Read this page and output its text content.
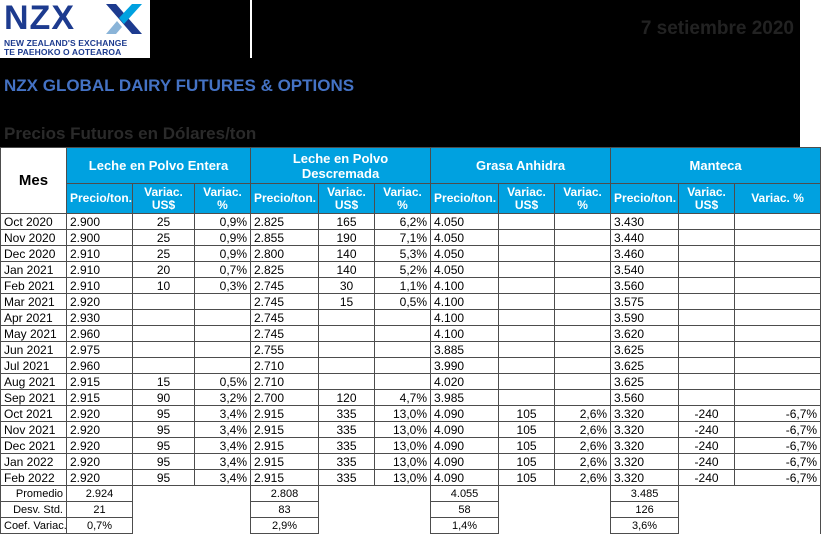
NZX
NEW ZEALAND'S EXCHANGE
TE PAEHOKO O AOTEAROA
7 setiembre 2020
NZX GLOBAL DAIRY FUTURES & OPTIONS
Precios Futuros en Dólares/ton
Mes	Leche en Polvo Entera			Leche en Polvo Descremada			Grasa Anhidra			Manteca		
	Precio/ton.	Variac. US$	Variac. %	Precio/ton.	Variac. US$	Variac. %	Precio/ton.	Variac. US$	Variac. %	Precio/ton.	Variac. US$	Variac. %
Oct 2020	2.900	25	0,9%	2.825	165	6,2%	4.050			3.430		
Nov 2020	2.900	25	0,9%	2.855	190	7,1%	4.050			3.440		
Dec 2020	2.910	25	0,9%	2.800	140	5,3%	4.050			3.460		
Jan 2021	2.910	20	0,7%	2.825	140	5,2%	4.050			3.540		
Feb 2021	2.910	10	0,3%	2.745	30	1,1%	4.100			3.560		
Mar 2021	2.920			2.745	15	0,5%	4.100			3.575		
Apr 2021	2.930			2.745			4.100			3.590		
May 2021	2.960			2.745			4.100			3.620		
Jun 2021	2.975			2.755			3.885			3.625		
Jul 2021	2.960			2.710			3.990			3.625		
Aug 2021	2.915	15	0,5%	2.710			4.020			3.625		
Sep 2021	2.915	90	3,2%	2.700	120	4,7%	3.985			3.560		
Oct 2021	2.920	95	3,4%	2.915	335	13,0%	4.090	105	2,6%	3.320	-240	-6,7%
Nov 2021	2.920	95	3,4%	2.915	335	13,0%	4.090	105	2,6%	3.320	-240	-6,7%
Dec 2021	2.920	95	3,4%	2.915	335	13,0%	4.090	105	2,6%	3.320	-240	-6,7%
Jan 2022	2.920	95	3,4%	2.915	335	13,0%	4.090	105	2,6%	3.320	-240	-6,7%
Feb 2022	2.920	95	3,4%	2.915	335	13,0%	4.090	105	2,6%	3.320	-240	-6,7%
Promedio	2.924			2.808			4.055			3.485		
Desv. Std.	21			83			58			126		
Coef. Variac.	0,7%			2,9%			1,4%			3,6%		
